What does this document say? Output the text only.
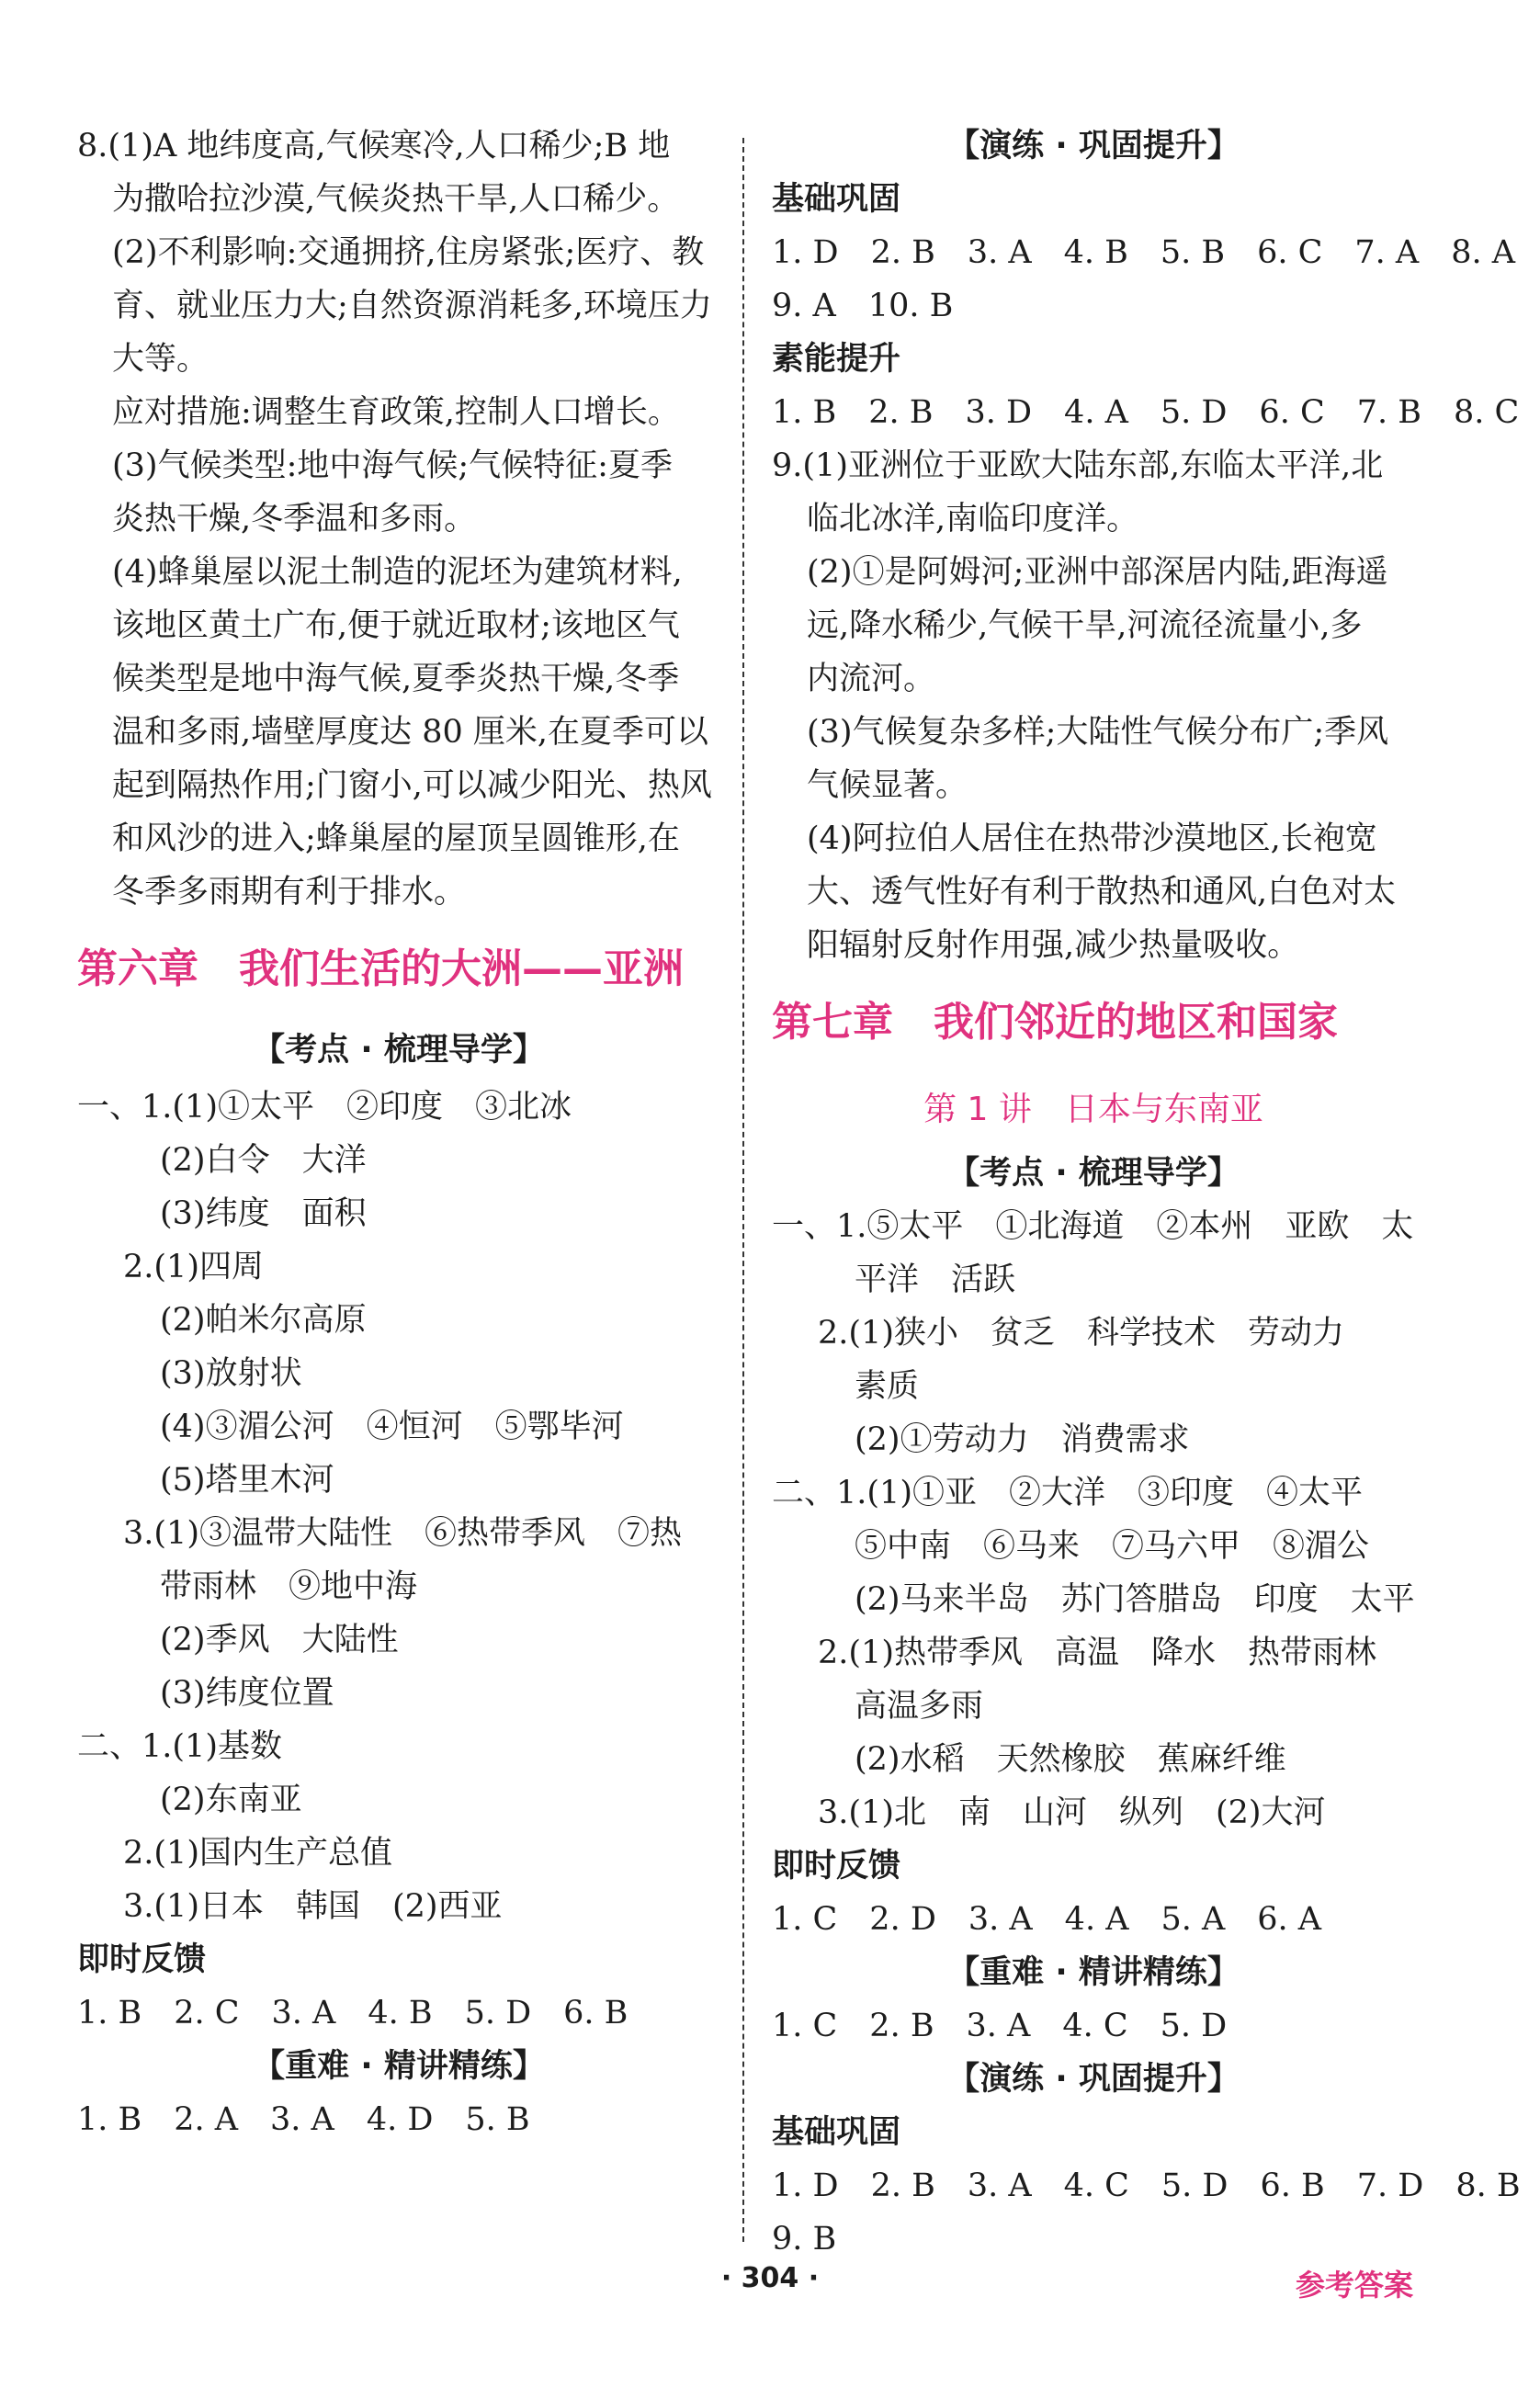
8.(1)A 地纬度高,气候寒冷,人口稀少;B 地
为撒哈拉沙漠,气候炎热干旱,人口稀少。
(2)不利影响:交通拥挤,住房紧张;医疗、教
育、就业压力大;自然资源消耗多,环境压力
大等。
应对措施:调整生育政策,控制人口增长。
(3)气候类型:地中海气候;气候特征:夏季
炎热干燥,冬季温和多雨。
(4)蜂巢屋以泥土制造的泥坯为建筑材料,
该地区黄土广布,便于就近取材;该地区气
候类型是地中海气候,夏季炎热干燥,冬季
温和多雨,墙壁厚度达 80 厘米,在夏季可以
起到隔热作用;门窗小,可以减少阳光、热风
和风沙的进入;蜂巢屋的屋顶呈圆锥形,在
冬季多雨期有利于排水。
第六章　我们生活的大洲——亚洲
【考点 · 梳理导学】
一、1.(1)①太平　②印度　③北冰
(2)白令　大洋
(3)纬度　面积
2.(1)四周
(2)帕米尔高原
(3)放射状
(4)③湄公河　④恒河　⑤鄂毕河
(5)塔里木河
3.(1)③温带大陆性　⑥热带季风　⑦热
带雨林　⑨地中海
(2)季风　大陆性
(3)纬度位置
二、1.(1)基数
(2)东南亚
2.(1)国内生产总值
3.(1)日本　韩国　(2)西亚
即时反馈
1. B　2. C　3. A　4. B　5. D　6. B
【重难 · 精讲精练】
1. B　2. A　3. A　4. D　5. B
【演练 · 巩固提升】
基础巩固
1. D　2. B　3. A　4. B　5. B　6. C　7. A　8. A
9. A　10. B
素能提升
1. B　2. B　3. D　4. A　5. D　6. C　7. B　8. C
9.(1)亚洲位于亚欧大陆东部,东临太平洋,北
临北冰洋,南临印度洋。
(2)①是阿姆河;亚洲中部深居内陆,距海遥
远,降水稀少,气候干旱,河流径流量小,多
内流河。
(3)气候复杂多样;大陆性气候分布广;季风
气候显著。
(4)阿拉伯人居住在热带沙漠地区,长袍宽
大、透气性好有利于散热和通风,白色对太
阳辐射反射作用强,减少热量吸收。
第七章　我们邻近的地区和国家
第 1 讲　日本与东南亚
【考点 · 梳理导学】
一、1.⑤太平　①北海道　②本州　亚欧　太
平洋　活跃
2.(1)狭小　贫乏　科学技术　劳动力
素质
(2)①劳动力　消费需求
二、1.(1)①亚　②大洋　③印度　④太平
⑤中南　⑥马来　⑦马六甲　⑧湄公
(2)马来半岛　苏门答腊岛　印度　太平
2.(1)热带季风　高温　降水　热带雨林
高温多雨
(2)水稻　天然橡胶　蕉麻纤维
3.(1)北　南　山河　纵列　(2)大河
即时反馈
1. C　2. D　3. A　4. A　5. A　6. A
【重难 · 精讲精练】
1. C　2. B　3. A　4. C　5. D
【演练 · 巩固提升】
基础巩固
1. D　2. B　3. A　4. C　5. D　6. B　7. D　8. B
9. B
· 304 ·	参考答案
